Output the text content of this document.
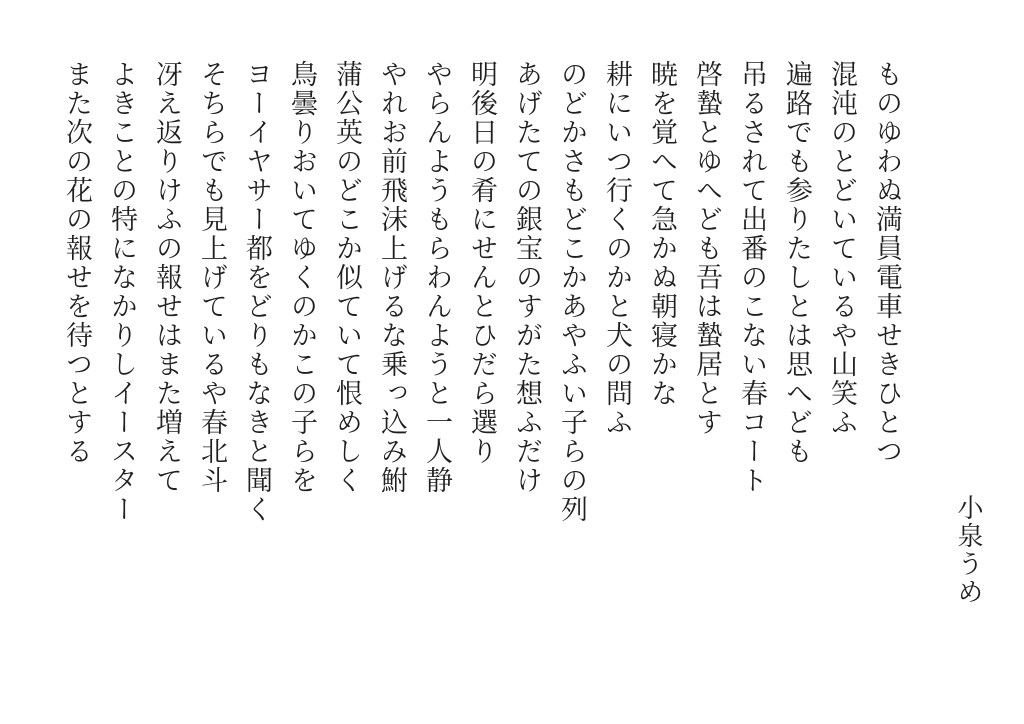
ものゆわぬ満員電車せきひとつ
混沌のとどいているや山笑ふ
遍路でも参りたしとは思へども
吊るされて出番のこない春コート
啓蟄とゆへども吾は蟄居とす
暁を覚へて急かぬ朝寝かな
耕にいつ行くのかと犬の問ふ
のどかさもどこかあやふい子らの列
あげたての銀宝のすがた想ふだけ
明後日の肴にせんとひだら選り
やらんようもらわんようと一人静
やれお前飛沫上げるな乗っ込み鮒
蒲公英のどこか似ていて恨めしく
鳥曇りおいてゆくのかこの子らを
ヨーイヤサー都をどりもなきと聞く
そちらでも見上げているや春北斗
冴え返りけふの報せはまた増えて
よきことの特になかりしイースター
また次の花の報せを待つとする
小泉うめ
